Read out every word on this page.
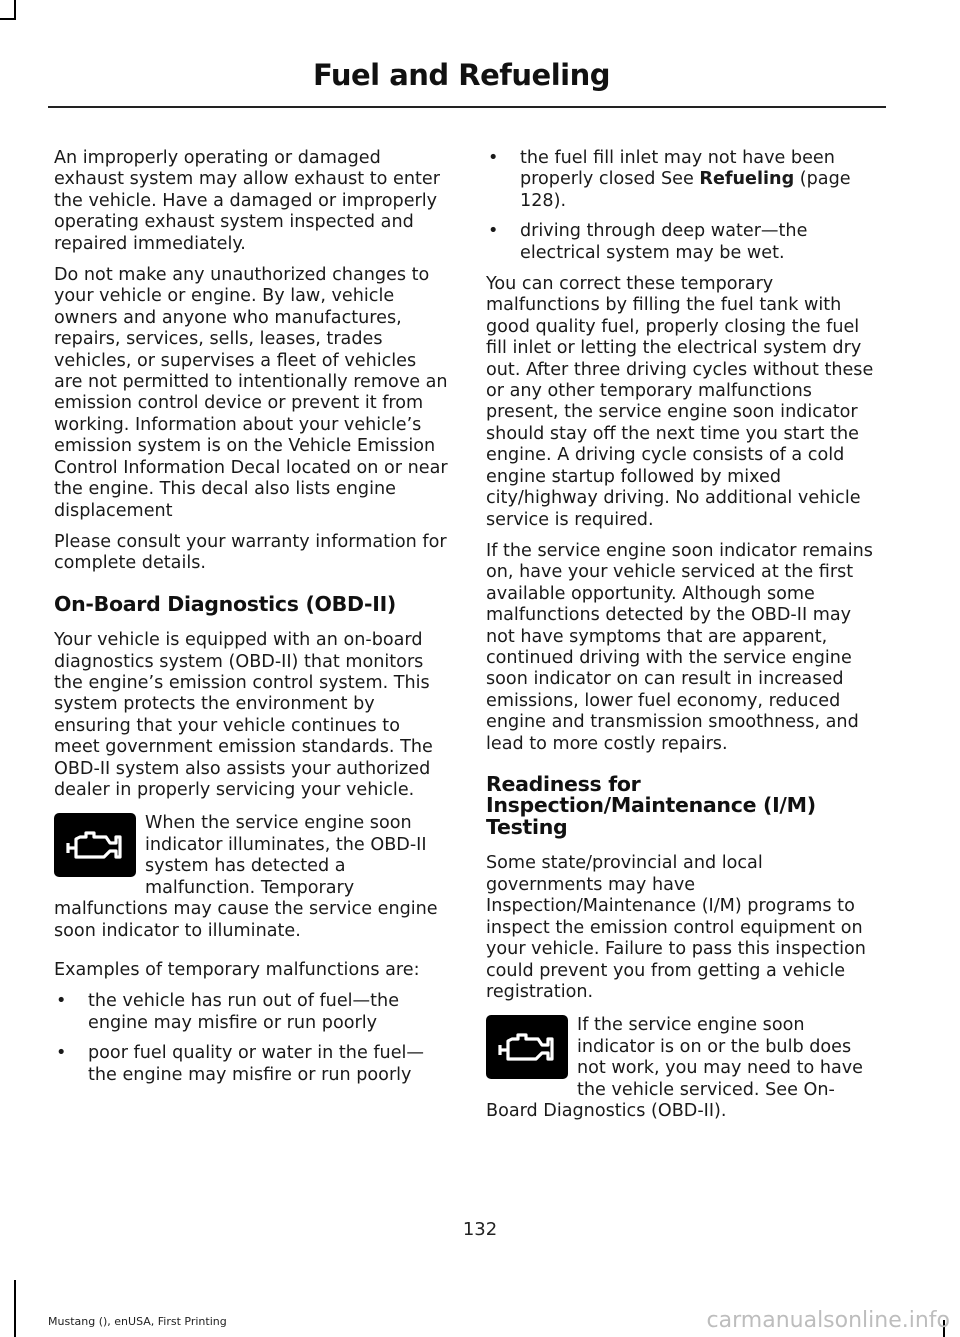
Fuel and Refueling

An improperly operating or damaged exhaust system may allow exhaust to enter the vehicle. Have a damaged or improperly operating exhaust system inspected and repaired immediately.

Do not make any unauthorized changes to your vehicle or engine. By law, vehicle owners and anyone who manufactures, repairs, services, sells, leases, trades vehicles, or supervises a fleet of vehicles are not permitted to intentionally remove an emission control device or prevent it from working. Information about your vehicle’s emission system is on the Vehicle Emission Control Information Decal located on or near the engine. This decal also lists engine displacement

Please consult your warranty information for complete details.

On-Board Diagnostics (OBD-II)

Your vehicle is equipped with an on-board diagnostics system (OBD-II) that monitors the engine’s emission control system. This system protects the environment by ensuring that your vehicle continues to meet government emission standards. The OBD-II system also assists your authorized dealer in properly servicing your vehicle.

When the service engine soon indicator illuminates, the OBD-II system has detected a malfunction. Temporary malfunctions may cause the service engine soon indicator to illuminate.

Examples of temporary malfunctions are:

• the vehicle has run out of fuel—the engine may misfire or run poorly
• poor fuel quality or water in the fuel—the engine may misfire or run poorly
• the fuel fill inlet may not have been properly closed See Refueling (page 128).
• driving through deep water—the electrical system may be wet.

You can correct these temporary malfunctions by filling the fuel tank with good quality fuel, properly closing the fuel fill inlet or letting the electrical system dry out. After three driving cycles without these or any other temporary malfunctions present, the service engine soon indicator should stay off the next time you start the engine. A driving cycle consists of a cold engine startup followed by mixed city/highway driving. No additional vehicle service is required.

If the service engine soon indicator remains on, have your vehicle serviced at the first available opportunity. Although some malfunctions detected by the OBD-II may not have symptoms that are apparent, continued driving with the service engine soon indicator on can result in increased emissions, lower fuel economy, reduced engine and transmission smoothness, and lead to more costly repairs.

Readiness for Inspection/Maintenance (I/M) Testing

Some state/provincial and local governments may have Inspection/Maintenance (I/M) programs to inspect the emission control equipment on your vehicle. Failure to pass this inspection could prevent you from getting a vehicle registration.

If the service engine soon indicator is on or the bulb does not work, you may need to have the vehicle serviced. See On-Board Diagnostics (OBD-II).

132
Mustang (), enUSA, First Printing	carmanualsonline.info
